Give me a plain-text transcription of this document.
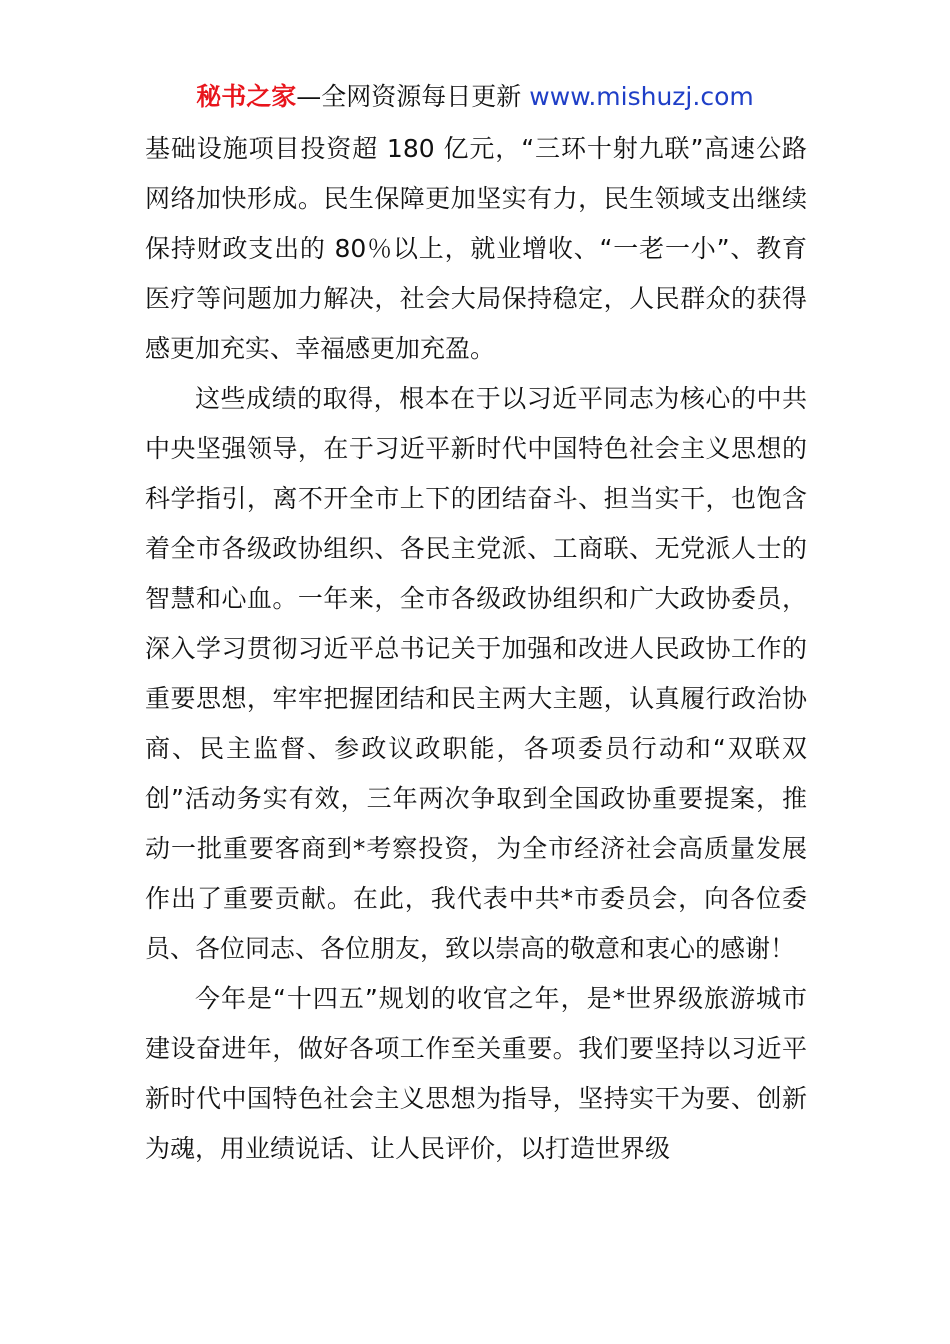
秘书之家—全网资源每日更新 www.mishuzj.com

基础设施项目投资超 180 亿元，“三环十射九联”高速公路网络加快形成。民生保障更加坚实有力，民生领域支出继续保持财政支出的 80％以上，就业增收、“一老一小”、教育医疗等问题加力解决，社会大局保持稳定，人民群众的获得感更加充实、幸福感更加充盈。

这些成绩的取得，根本在于以习近平同志为核心的中共中央坚强领导，在于习近平新时代中国特色社会主义思想的科学指引，离不开全市上下的团结奋斗、担当实干，也饱含着全市各级政协组织、各民主党派、工商联、无党派人士的智慧和心血。一年来，全市各级政协组织和广大政协委员，深入学习贯彻习近平总书记关于加强和改进人民政协工作的重要思想，牢牢把握团结和民主两大主题，认真履行政治协商、民主监督、参政议政职能，各项委员行动和“双联双创”活动务实有效，三年两次争取到全国政协重要提案，推动一批重要客商到*考察投资，为全市经济社会高质量发展作出了重要贡献。在此，我代表中共*市委员会，向各位委员、各位同志、各位朋友，致以崇高的敬意和衷心的感谢！

今年是“十四五”规划的收官之年，是*世界级旅游城市建设奋进年，做好各项工作至关重要。我们要坚持以习近平新时代中国特色社会主义思想为指导，坚持实干为要、创新为魂，用业绩说话、让人民评价，以打造世界级
